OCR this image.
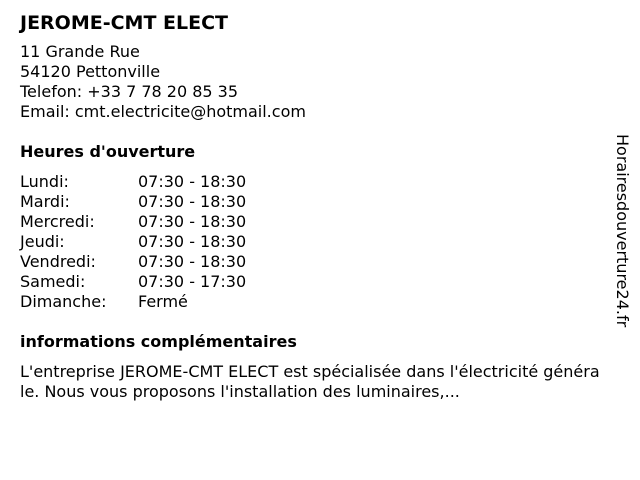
JEROME-CMT ELECT
11 Grande Rue
54120 Pettonville
Telefon: +33 7 78 20 85 35
Email: cmt.electricite@hotmail.com
Heures d'ouverture
Lundi:	07:30 - 18:30
Mardi:	07:30 - 18:30
Mercredi:	07:30 - 18:30
Jeudi:	07:30 - 18:30
Vendredi:	07:30 - 18:30
Samedi:	07:30 - 17:30
Dimanche:	Fermé
informations complémentaires
L'entreprise JEROME-CMT ELECT est spécialisée dans l'électricité générale. Nous vous proposons l'installation des luminaires,...
Horairesdouverture24.fr
